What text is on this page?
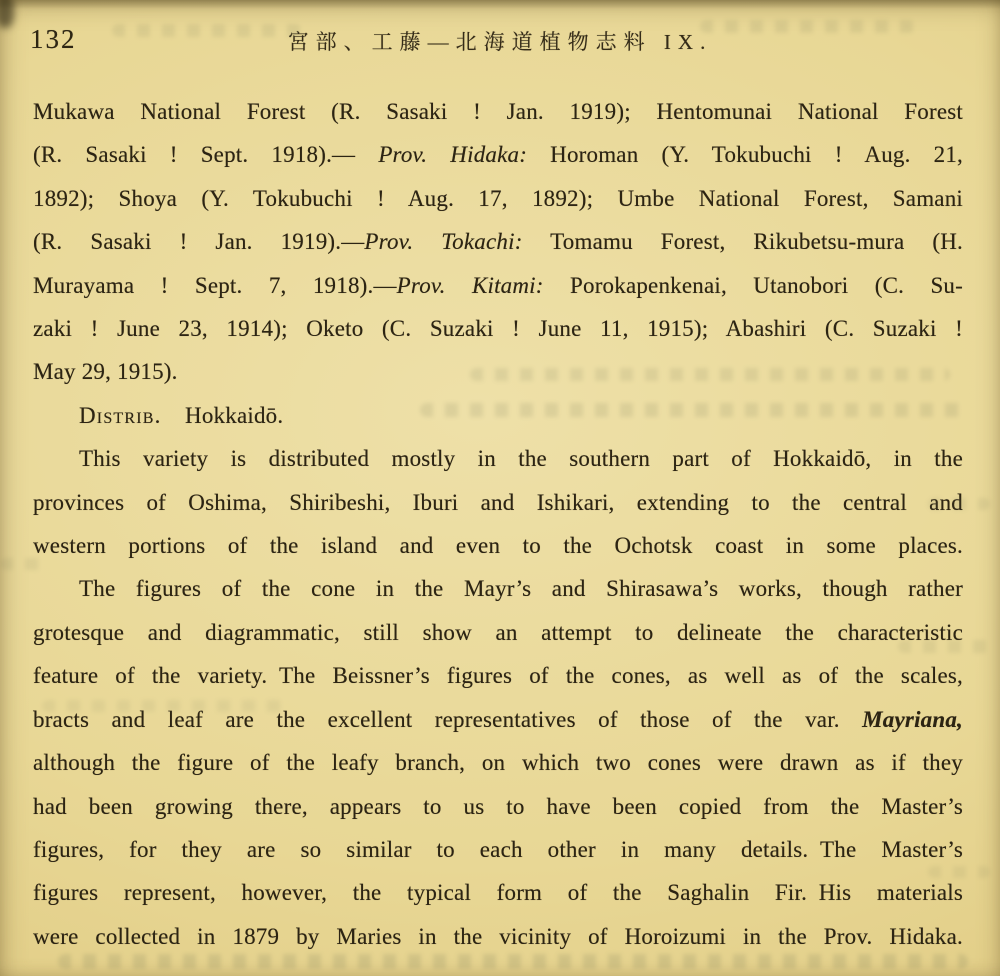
132	宮部、工藤—北海道植物志料 IX.
Mukawa National Forest (R. Sasaki ! Jan. 1919); Hentomunai National Forest
(R. Sasaki ! Sept. 1918).— Prov. Hidaka: Horoman (Y. Tokubuchi ! Aug. 21,
1892); Shoya (Y. Tokubuchi ! Aug. 17, 1892); Umbe National Forest, Samani
(R. Sasaki ! Jan. 1919).—Prov. Tokachi: Tomamu Forest, Rikubetsu-mura (H.
Murayama ! Sept. 7, 1918).—Prov. Kitami: Porokapenkenai, Utanobori (C. Su-
zaki ! June 23, 1914); Oketo (C. Suzaki ! June 11, 1915); Abashiri (C. Suzaki !
May 29, 1915).
Distrib.  Hokkaidō.
This variety is distributed mostly in the southern part of Hokkaidō, in the
provinces of Oshima, Shiribeshi, Iburi and Ishikari, extending to the central and
western portions of the island and even to the Ochotsk coast in some places.
The figures of the cone in the Mayr’s and Shirasawa’s works, though rather
grotesque and diagrammatic, still show an attempt to delineate the characteristic
feature of the variety. The Beissner’s figures of the cones, as well as of the scales,
bracts and leaf are the excellent representatives of those of the var. Mayriana,
although the figure of the leafy branch, on which two cones were drawn as if they
had been growing there, appears to us to have been copied from the Master’s
figures, for they are so similar to each other in many details. The Master’s
figures represent, however, the typical form of the Saghalin Fir. His materials
were collected in 1879 by Maries in the vicinity of Horoizumi in the Prov. Hidaka.
